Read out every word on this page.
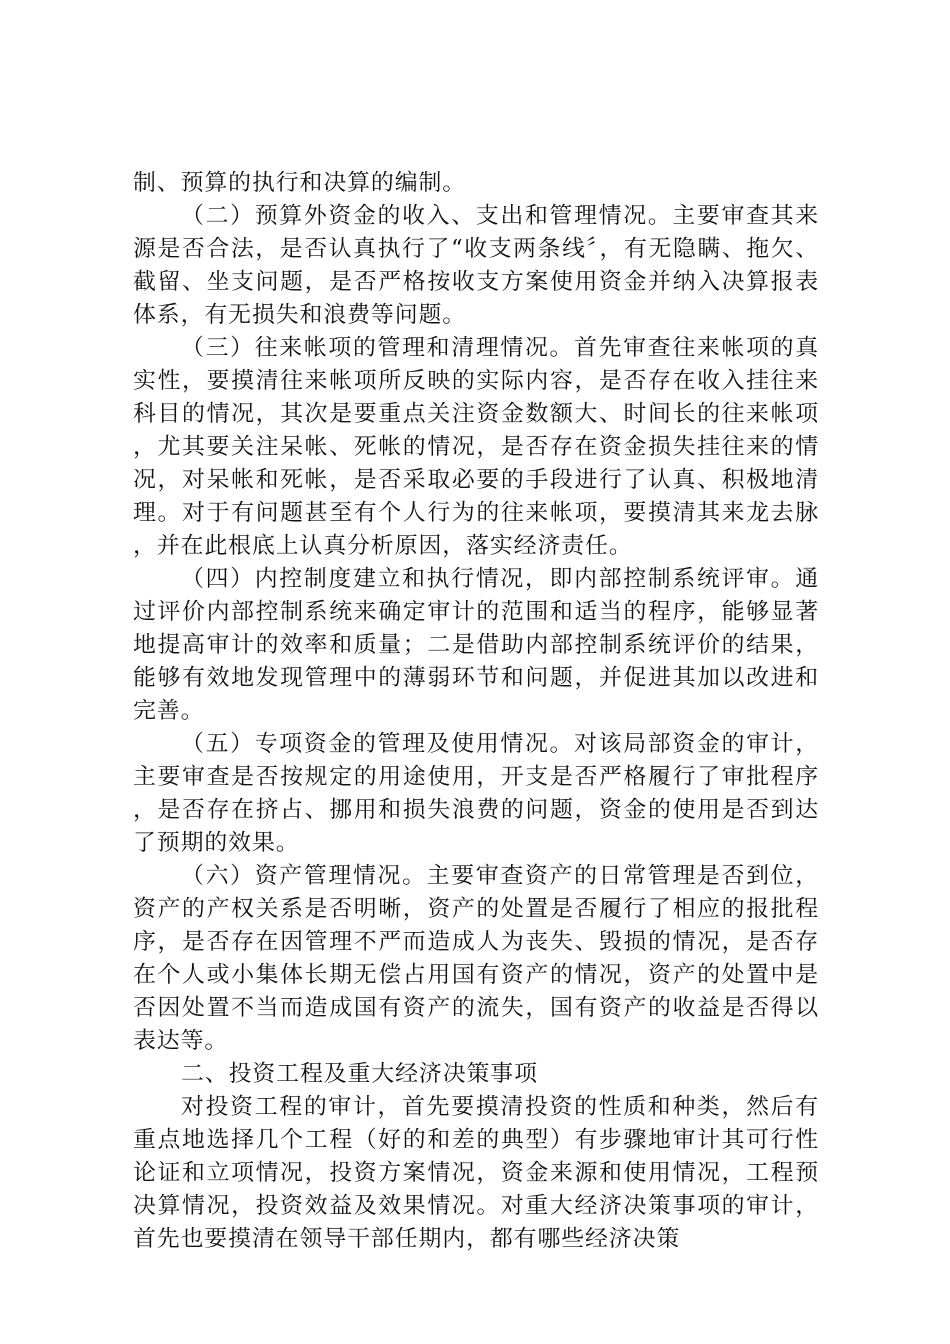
制、预算的执行和决算的编制。

（二）预算外资金的收入、支出和管理情况。主要审查其来源是否合法，是否认真执行了“收支两条线〞，有无隐瞒、拖欠、截留、坐支问题，是否严格按收支方案使用资金并纳入决算报表体系，有无损失和浪费等问题。

（三）往来帐项的管理和清理情况。首先审查往来帐项的真实性，要摸清往来帐项所反映的实际内容，是否存在收入挂往来科目的情况，其次是要重点关注资金数额大、时间长的往来帐项，尤其要关注呆帐、死帐的情况，是否存在资金损失挂往来的情况，对呆帐和死帐，是否采取必要的手段进行了认真、积极地清理。对于有问题甚至有个人行为的往来帐项，要摸清其来龙去脉，并在此根底上认真分析原因，落实经济责任。

（四）内控制度建立和执行情况，即内部控制系统评审。通过评价内部控制系统来确定审计的范围和适当的程序，能够显著地提高审计的效率和质量；二是借助内部控制系统评价的结果，能够有效地发现管理中的薄弱环节和问题，并促进其加以改进和完善。

（五）专项资金的管理及使用情况。对该局部资金的审计，主要审查是否按规定的用途使用，开支是否严格履行了审批程序，是否存在挤占、挪用和损失浪费的问题，资金的使用是否到达了预期的效果。

（六）资产管理情况。主要审查资产的日常管理是否到位，资产的产权关系是否明晰，资产的处置是否履行了相应的报批程序，是否存在因管理不严而造成人为丧失、毁损的情况，是否存在个人或小集体长期无偿占用国有资产的情况，资产的处置中是否因处置不当而造成国有资产的流失，国有资产的收益是否得以表达等。

二、投资工程及重大经济决策事项

对投资工程的审计，首先要摸清投资的性质和种类，然后有重点地选择几个工程（好的和差的典型）有步骤地审计其可行性论证和立项情况，投资方案情况，资金来源和使用情况，工程预决算情况，投资效益及效果情况。对重大经济决策事项的审计，首先也要摸清在领导干部任期内，都有哪些经济决策
